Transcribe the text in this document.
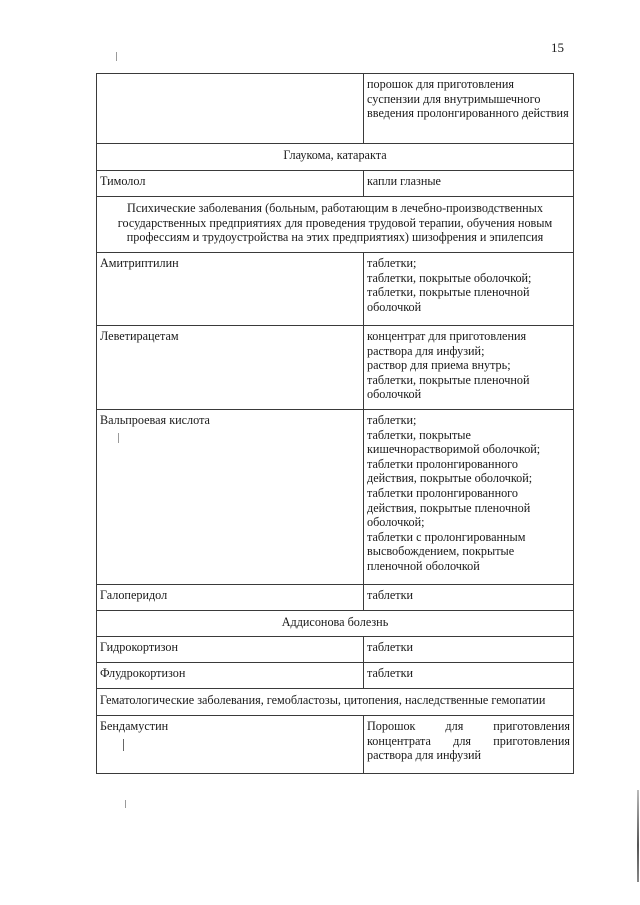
15

	порошок для приготовления суспензии для внутримышечного введения пролонгированного действия

Глаукома, катаракта	
Тимолол	капли глазные

Психические заболевания (больным, работающим в лечебно-производственных государственных предприятиях для проведения трудовой терапии, обучения новым профессиям и трудоустройства на этих предприятиях) шизофрения и эпилепсия	
Амитриптилин	таблетки;
таблетки, покрытые оболочкой;
таблетки, покрытые пленочной оболочкой

Леветирацетам	концентрат для приготовления раствора для инфузий;
раствор для приема внутрь;
таблетки, покрытые пленочной оболочкой

Вальпроевая кислота	таблетки;
таблетки, покрытые кишечнорастворимой оболочкой;
таблетки пролонгированного действия, покрытые оболочкой;
таблетки пролонгированного действия, покрытые пленочной оболочкой;
таблетки с пролонгированным высвобождением, покрытые пленочной оболочкой

Галоперидол	таблетки

Аддисонова болезнь	
Гидрокортизон	таблетки

Флудрокортизон	таблетки

Гематологические заболевания, гемобластозы, цитопения, наследственные гемопатии	
Бендамустин	Порошок для приготовления концентрата для приготовления раствора для инфузий
